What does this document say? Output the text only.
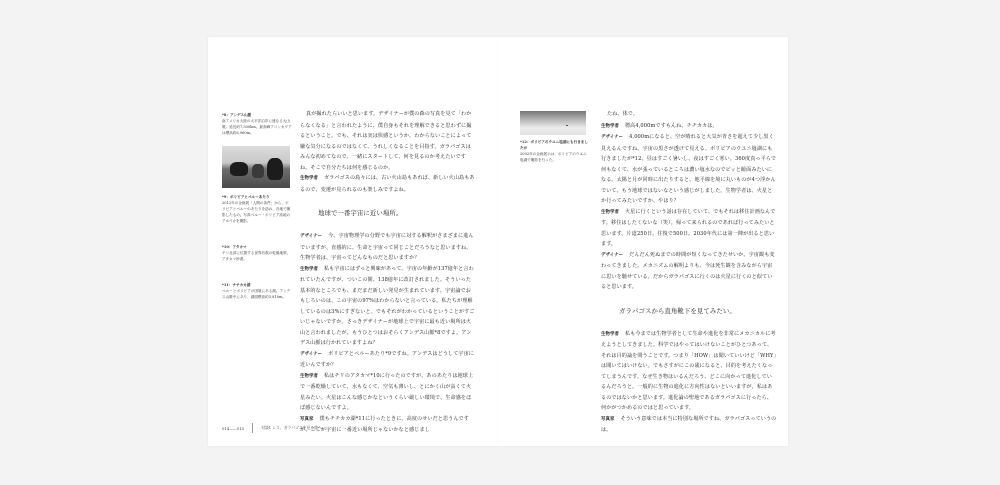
*8：アンデス山脈
南アメリカ大陸の太平洋沿岸に連なる大山脈。延長約7,500km。最高峰アコンカグアは標高約6,960m。
*9：ボリビアとペルーあたり
2012年の企画展「人間の条件」から、ボリビアとペルーのあたりを訪ね、各地で撮影したもの。写真ペルー・ボリビア高地のアルパカを撮影。
*10：アタカマ
チリ北部に位置する世界有数の乾燥地帯。アタカマ砂漠。
*11：チチカカ湖
ペルーとボリビアの国境にある湖。アンデス山脈中にあり、湖面標高約3,810m。

真が撮れたらいいと思います。デザイナーが僕の森の写真を見て「わからなくなる」と言われたように、僕自身もそれを理解できると思わずに撮るということ。でも、それは実は快感というか、わからないことによって嫌な気分になるのではなくて、うれしくなることを目指す。ガラパゴスはみんな初めてなので、一緒にスタートして、何を見るのか考えたいですね。そこで自分たちは何を感じるのか。

生物学者 ガラパゴスの島々には、古い火山島もあれば、新しい火山島もあるので、変遷が見られるのも楽しみですよね。

地球で一番宇宙に近い場所。

デザイナー 今、宇宙物理学の分野でも宇宙に対する解釈がさまざまに進んでいますが、直感的に、生命と宇宙って同じことだろうなと思いますね。生物学者は、宇宙ってどんなものだと思いますか？

生物学者 私も宇宙にはずっと興味があって。宇宙の年齢が137億年と言われていたんですが、ついこの間、138億年に改訂されました。そういった基本的なところでも、まだまだ新しい発見が生まれています。宇宙論でおもしろいのは、この宇宙の97%はわからないと言っている。私たちが理解しているのは3%にすぎないと。でもそれがわかっているということがすごいじゃないですか。さっきデザイナーが地球上で宇宙に最も近い場所は火山と言われましたが、もうひとつはおそらくアンデス山脈*8ですよ。アンデス山脈は行かれていますよね？

デザイナー ボリビアとペルーあたり*9ですね。アンデスはどうして宇宙に近いんですか？

生物学者 私はチリのアタカマ*10に行ったのですが、あのあたりは地球上で一番乾燥していて、水もなくて、空気も薄いし、とにかく山が高くて火星みたい。火星はこんな感じかなというくらい厳しい環境で、生命感をほぼ感じないんですよ。

写真家 僕もチチカカ湖*11に行ったときに、高度のせいだと思うんですが、ここが宇宙に一番近い場所じゃないかなと感じまし

*12：ボリビアのウユニ塩湖にも行きましたが
2002年の企画展示は、ボリビアのウユニ塩湖で撮影を行った。

たね、体で。

生物学者 標高4,000mですもんね、チチカカは。

デザイナー 4,000mになると、空が晴れると大気が青さを超えて少し黒く見えるんですね。宇宙の黒さが透けて見える。ボリビアのウユニ塩湖にも行きましたが*12、昼はすごく暑いし、夜はすごく寒い。360度真っ平らで何もなくて、水が張っているところは濃い塩水なのでピッと鏡面みたいになる。太陽と月が同時に出たりすると、地平線を境に丸いものが4つ浮かんでいて、もう地球ではないなという感じがしました。生物学者は、火星とか行ってみたいですか、やはり？

生物学者 火星に行くという話は存在していて、でもそれは移住計画なんです。移住はしたくないな（笑）。帰って来られるのであれば行ってみたいと思います。片道250日、往復で500日。2030年代には第一陣が出ると思います。

デザイナー だんだん死ぬまでの時間が短くなってきたせいか、宇宙観も変わってきました。メカニズムの解明よりも、今は死生観を含みながら宇宙に思いを馳せている。だからガラパゴスに行くのは火星に行くのと似ていると思います。

ガラパゴスから直角靴下を見てみたい。

生物学者 私も今までは生物学者として生命や進化を非常にメカニカルに考えようとしてきました。科学ではやってはいけないことがひとつあって、それは目的論を問うことです。つまり「HOW」は聞いていいけど「WHY」は聞いてはいけない。でもさすがにこの歳になると、目的を考えたくなってしまうんです。なぜ生き物はいるんだろう、どこに向かって進化しているんだろうと。一般的に生物の進化に方向性はないといいますが、私はあるのではないかと思います。進化論の聖地であるガラパゴスに行ったら、何かがつかめるのではと思っています。

写真家 そういう意味では本当に特別な場所ですね、ガラパゴスっていうのは。

014——015	対談1 レス、ガラパゴスを見る旅へ。
